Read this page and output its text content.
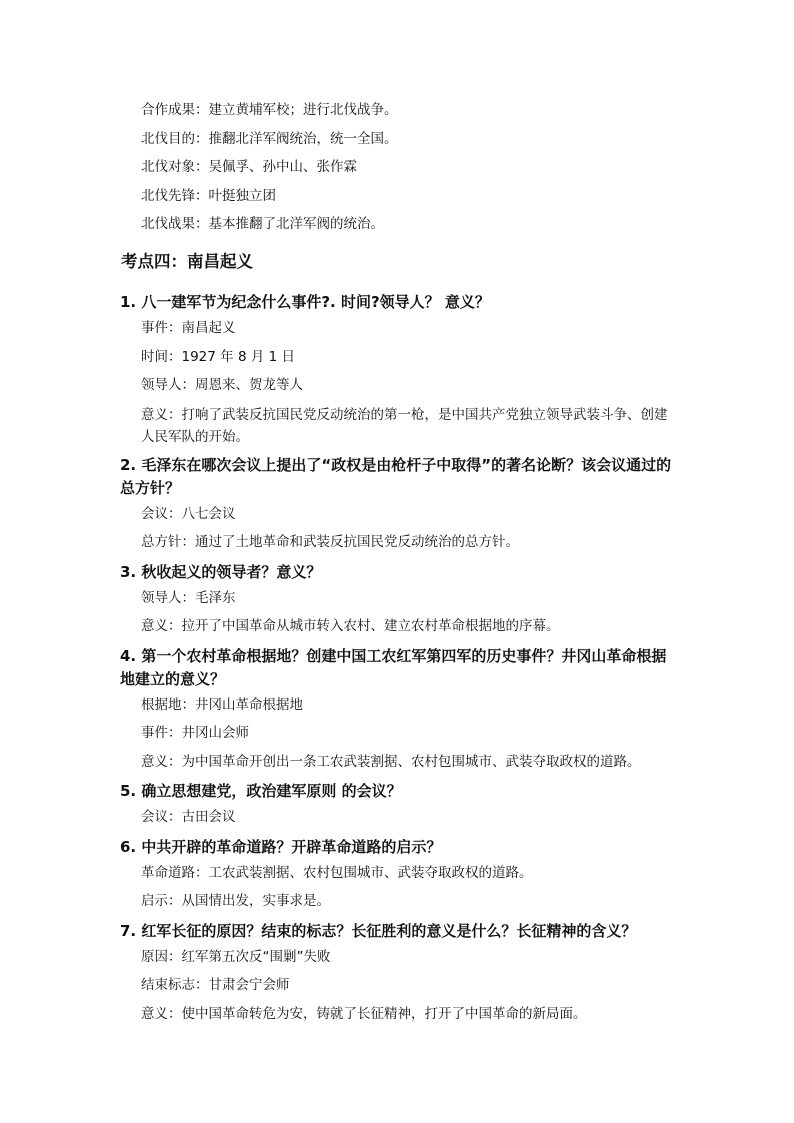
合作成果：建立黄埔军校；进行北伐战争。
北伐目的：推翻北洋军阀统治，统一全国。
北伐对象：吴佩孚、孙中山、张作霖
北伐先锋：叶挺独立团
北伐战果：基本推翻了北洋军阀的统治。
考点四：南昌起义
1. 八一建军节为纪念什么事件?. 时间?领导人？ 意义？
事件：南昌起义
时间：1927 年 8 月 1 日
领导人：周恩来、贺龙等人
意义：打响了武装反抗国民党反动统治的第一枪，是中国共产党独立领导武装斗争、创建人民军队的开始。
2. 毛泽东在哪次会议上提出了“政权是由枪杆子中取得”的著名论断？该会议通过的总方针？
会议：八七会议
总方针：通过了土地革命和武装反抗国民党反动统治的总方针。
3. 秋收起义的领导者？意义？
领导人：毛泽东
意义：拉开了中国革命从城市转入农村、建立农村革命根据地的序幕。
4. 第一个农村革命根据地？创建中国工农红军第四军的历史事件？井冈山革命根据地建立的意义？
根据地：井冈山革命根据地
事件：井冈山会师
意义：为中国革命开创出一条工农武装割据、农村包围城市、武装夺取政权的道路。
5. 确立思想建党，政治建军原则 的会议？
会议：古田会议
6. 中共开辟的革命道路？开辟革命道路的启示？
革命道路：工农武装割据、农村包围城市、武装夺取政权的道路。
启示：从国情出发，实事求是。
7. 红军长征的原因？结束的标志？长征胜利的意义是什么？长征精神的含义？
原因：红军第五次反“围剿”失败
结束标志：甘肃会宁会师
意义：使中国革命转危为安，铸就了长征精神，打开了中国革命的新局面。
